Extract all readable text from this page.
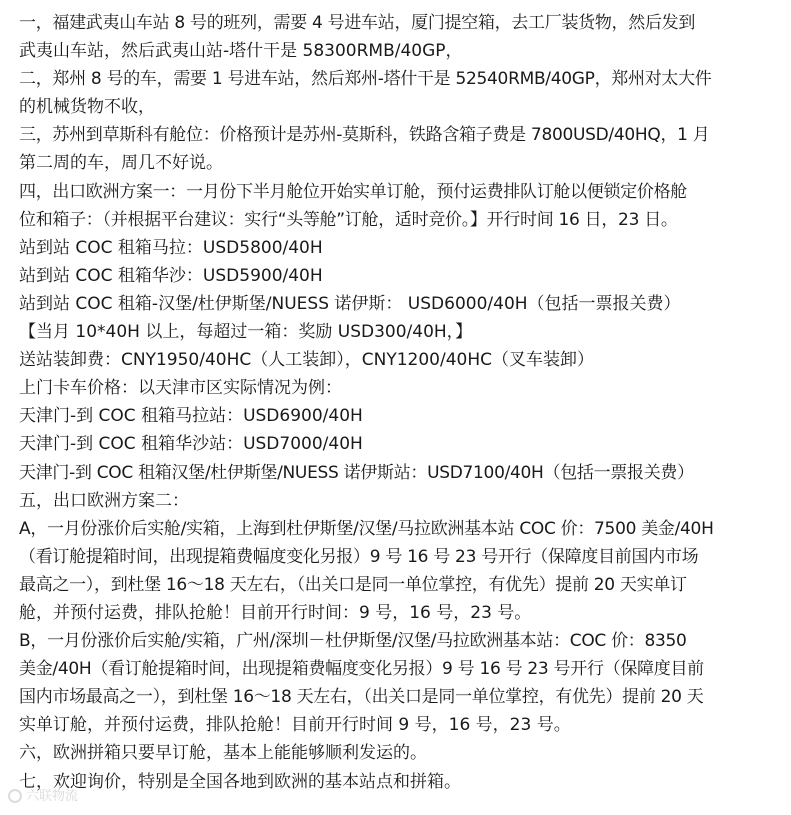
一，福建武夷山车站 8 号的班列，需要 4 号进车站，厦门提空箱，去工厂装货物，然后发到
武夷山车站，然后武夷山站-塔什干是 58300RMB/40GP，
二，郑州 8 号的车，需要 1 号进车站，然后郑州-塔什干是 52540RMB/40GP，郑州对太大件
的机械货物不收，
三，苏州到草斯科有舱位：价格预计是苏州-莫斯科，铁路含箱子费是 7800USD/40HQ，1 月
第二周的车，周几不好说。
四，出口欧洲方案一：一月份下半月舱位开始实单订舱，预付运费排队订舱以便锁定价格舱
位和箱子：（并根据平台建议：实行“头等舱”订舱，适时竞价。】开行时间 16 日，23 日。
站到站 COC 租箱马拉：USD5800/40H
站到站 COC 租箱华沙：USD5900/40H
站到站 COC 租箱-汉堡/杜伊斯堡/NUESS 诺伊斯： USD6000/40H（包括一票报关费）
【当月 10*40H 以上，每超过一箱：奖励 USD300/40H，】
送站装卸费：CNY1950/40HC（人工装卸），CNY1200/40HC（叉车装卸）
上门卡车价格：以天津市区实际情况为例：
天津门-到 COC 租箱马拉站：USD6900/40H
天津门-到 COC 租箱华沙站：USD7000/40H
天津门-到 COC 租箱汉堡/杜伊斯堡/NUESS 诺伊斯站：USD7100/40H（包括一票报关费）
五，出口欧洲方案二：
A，一月份涨价后实舱/实箱，上海到杜伊斯堡/汉堡/马拉欧洲基本站 COC 价：7500 美金/40H
（看订舱提箱时间，出现提箱费幅度变化另报）9 号 16 号 23 号开行（保障度目前国内市场
最高之一），到杜堡 16～18 天左右，（出关口是同一单位掌控，有优先）提前 20 天实单订
舱，并预付运费，排队抢舱！目前开行时间：9 号，16 号，23 号。
B，一月份涨价后实舱/实箱，广州/深圳－杜伊斯堡/汉堡/马拉欧洲基本站：COC 价：8350
美金/40H（看订舱提箱时间，出现提箱费幅度变化另报）9 号 16 号 23 号开行（保障度目前
国内市场最高之一），到杜堡 16～18 天左右，（出关口是同一单位掌控，有优先）提前 20 天
实单订舱，并预付运费，排队抢舱！目前开行时间 9 号，16 号，23 号。
六，欧洲拼箱只要早订舱，基本上能能够顺利发运的。
七，欢迎询价，特别是全国各地到欧洲的基本站点和拼箱。
六联物流
